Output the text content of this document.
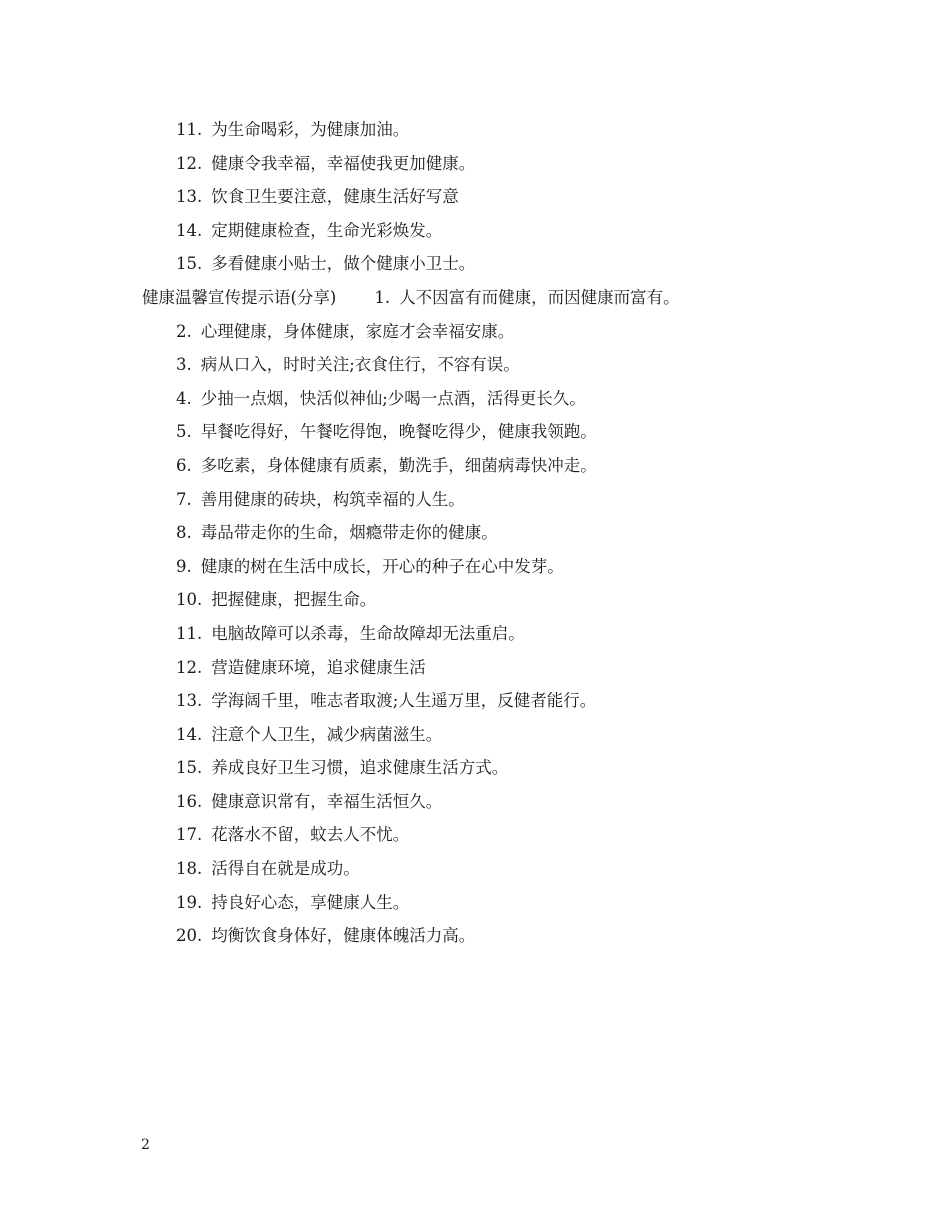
11. 为生命喝彩，为健康加油。
12. 健康令我幸福，幸福使我更加健康。
13. 饮食卫生要注意，健康生活好写意
14. 定期健康检查，生命光彩焕发。
15. 多看健康小贴士，做个健康小卫士。
健康温馨宣传提示语(分享) 1. 人不因富有而健康，而因健康而富有。
2. 心理健康，身体健康，家庭才会幸福安康。
3. 病从口入，时时关注;衣食住行，不容有误。
4. 少抽一点烟，快活似神仙;少喝一点酒，活得更长久。
5. 早餐吃得好，午餐吃得饱，晚餐吃得少，健康我领跑。
6. 多吃素，身体健康有质素，勤洗手，细菌病毒快冲走。
7. 善用健康的砖块，构筑幸福的人生。
8. 毒品带走你的生命，烟瘾带走你的健康。
9. 健康的树在生活中成长，开心的种子在心中发芽。
10. 把握健康，把握生命。
11. 电脑故障可以杀毒，生命故障却无法重启。
12. 营造健康环境，追求健康生活
13. 学海阔千里，唯志者取渡;人生遥万里，反健者能行。
14. 注意个人卫生，减少病菌滋生。
15. 养成良好卫生习惯，追求健康生活方式。
16. 健康意识常有，幸福生活恒久。
17. 花落水不留，蚊去人不忧。
18. 活得自在就是成功。
19. 持良好心态，享健康人生。
20. 均衡饮食身体好，健康体魄活力高。
2
